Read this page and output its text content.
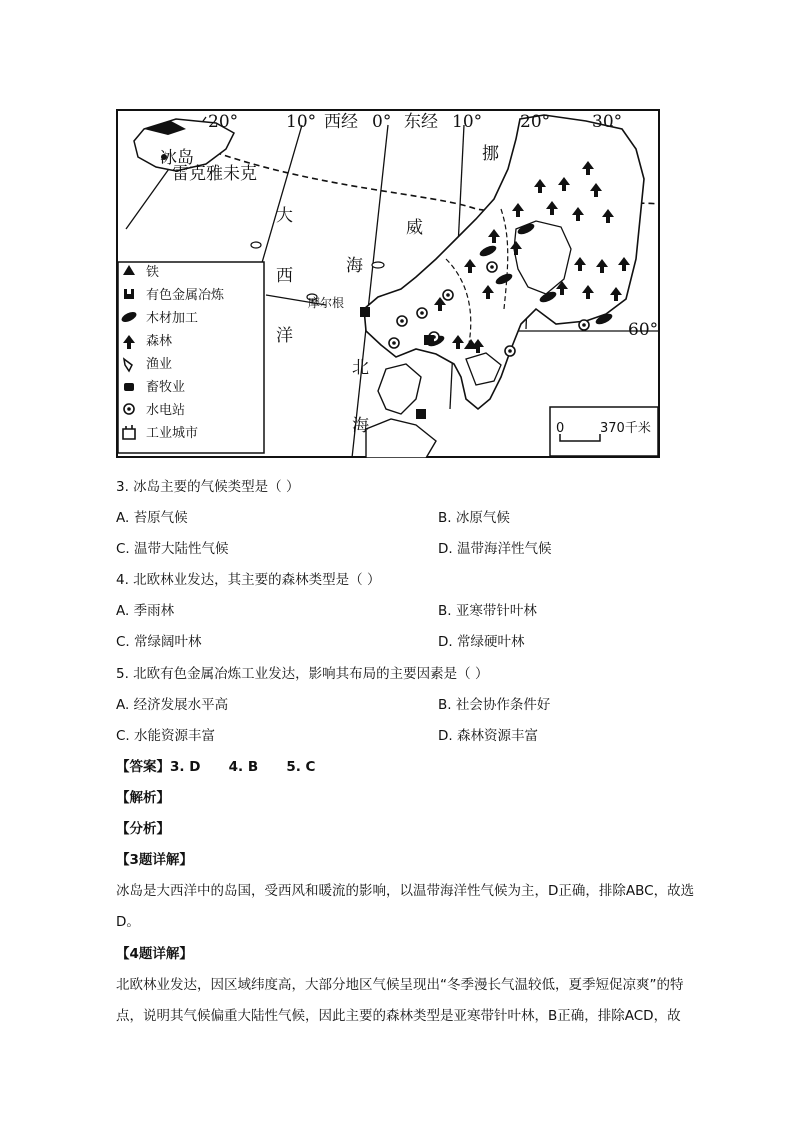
20°	10° 西经 0° 东经 10° 20° 30°
60°
冰岛
雷克雅未克
挪
威
大
西
洋
海
北
海
摩尔根
铁
有色金属冶炼
木材加工
森林
渔业
畜牧业
水电站
工业城市	0	370千米
3. 冰岛主要的气候类型是（ ）
A. 苔原气候	B. 冰原气候
C. 温带大陆性气候	D. 温带海洋性气候
4. 北欧林业发达，其主要的森林类型是（ ）
A. 季雨林	B. 亚寒带针叶林
C. 常绿阔叶林	D. 常绿硬叶林
5. 北欧有色金属冶炼工业发达，影响其布局的主要因素是（ ）
A. 经济发展水平高	B. 社会协作条件好
C. 水能资源丰富	D. 森林资源丰富
【答案】3. D      4. B      5. C
【解析】
【分析】
【3题详解】
冰岛是大西洋中的岛国，受西风和暖流的影响，以温带海洋性气候为主，D正确，排除ABC，故选D。
【4题详解】
北欧林业发达，因区域纬度高，大部分地区气候呈现出“冬季漫长气温较低，夏季短促凉爽”的特点，说明其气候偏重大陆性气候，因此主要的森林类型是亚寒带针叶林，B正确，排除ACD，故
